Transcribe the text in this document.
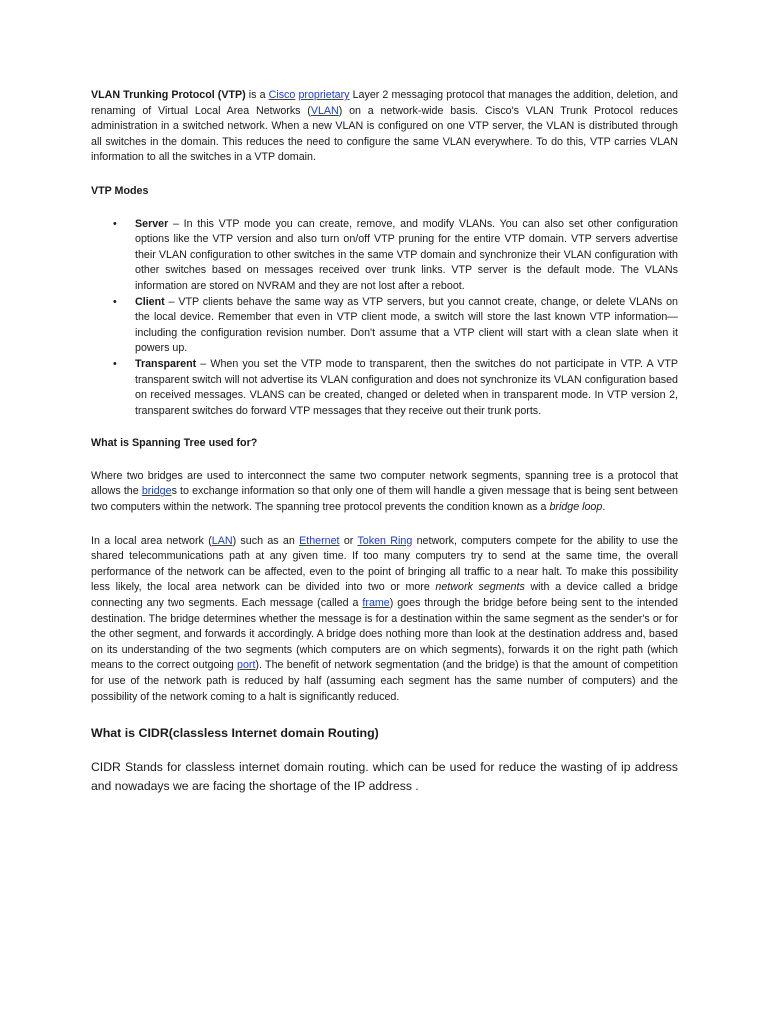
VLAN Trunking Protocol (VTP) is a Cisco proprietary Layer 2 messaging protocol that manages the addition, deletion, and renaming of Virtual Local Area Networks (VLAN) on a network-wide basis. Cisco's VLAN Trunk Protocol reduces administration in a switched network. When a new VLAN is configured on one VTP server, the VLAN is distributed through all switches in the domain. This reduces the need to configure the same VLAN everywhere. To do this, VTP carries VLAN information to all the switches in a VTP domain.

VTP Modes
• Server – In this VTP mode you can create, remove, and modify VLANs. You can also set other configuration options like the VTP version and also turn on/off VTP pruning for the entire VTP domain. VTP servers advertise their VLAN configuration to other switches in the same VTP domain and synchronize their VLAN configuration with other switches based on messages received over trunk links. VTP server is the default mode. The VLANs information are stored on NVRAM and they are not lost after a reboot.
• Client – VTP clients behave the same way as VTP servers, but you cannot create, change, or delete VLANs on the local device. Remember that even in VTP client mode, a switch will store the last known VTP information—including the configuration revision number. Don't assume that a VTP client will start with a clean slate when it powers up.
• Transparent – When you set the VTP mode to transparent, then the switches do not participate in VTP. A VTP transparent switch will not advertise its VLAN configuration and does not synchronize its VLAN configuration based on received messages. VLANS can be created, changed or deleted when in transparent mode. In VTP version 2, transparent switches do forward VTP messages that they receive out their trunk ports.
What is Spanning Tree used for?

Where two bridges are used to interconnect the same two computer network segments, spanning tree is a protocol that allows the bridges to exchange information so that only one of them will handle a given message that is being sent between two computers within the network. The spanning tree protocol prevents the condition known as a bridge loop.

In a local area network (LAN) such as an Ethernet or Token Ring network, computers compete for the ability to use the shared telecommunications path at any given time. If too many computers try to send at the same time, the overall performance of the network can be affected, even to the point of bringing all traffic to a near halt. To make this possibility less likely, the local area network can be divided into two or more network segments with a device called a bridge connecting any two segments. Each message (called a frame) goes through the bridge before being sent to the intended destination. The bridge determines whether the message is for a destination within the same segment as the sender's or for the other segment, and forwards it accordingly. A bridge does nothing more than look at the destination address and, based on its understanding of the two segments (which computers are on which segments), forwards it on the right path (which means to the correct outgoing port). The benefit of network segmentation (and the bridge) is that the amount of competition for use of the network path is reduced by half (assuming each segment has the same number of computers) and the possibility of the network coming to a halt is significantly reduced.

What is CIDR(classless Internet domain Routing)

CIDR Stands for classless internet domain routing. which can be used for reduce the wasting of ip address and nowadays we are facing the shortage of the IP address .
